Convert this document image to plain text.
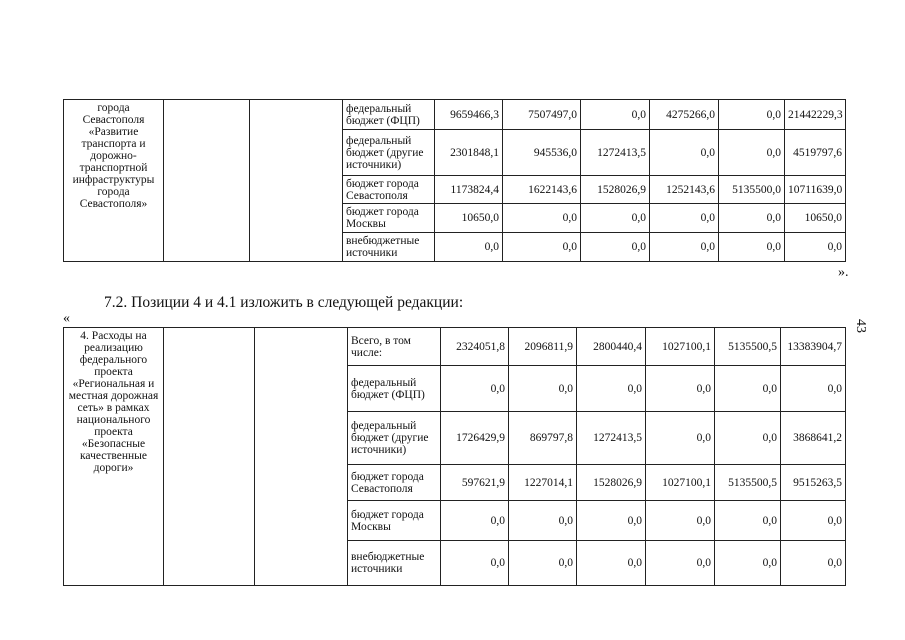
города Севастополя «Развитие транспорта и дорожно-транспортной инфраструктуры города Севастополя»			федеральный бюджет (ФЦП)	9659466,3	7507497,0	0,0	4275266,0	0,0	21442229,3
			федеральный бюджет (другие источники)	2301848,1	945536,0	1272413,5	0,0	0,0	4519797,6
			бюджет города Севастополя	1173824,4	1622143,6	1528026,9	1252143,6	5135500,0	10711639,0
			бюджет города Москвы	10650,0	0,0	0,0	0,0	0,0	10650,0
			внебюджетные источники	0,0	0,0	0,0	0,0	0,0	0,0
».
7.2. Позиции 4 и 4.1 изложить в следующей редакции:
«	43
4. Расходы на реализацию федерального проекта «Региональная и местная дорожная сеть» в рамках национального проекта «Безопасные качественные дороги»			Всего, в том числе:	2324051,8	2096811,9	2800440,4	1027100,1	5135500,5	13383904,7
			федеральный бюджет (ФЦП)	0,0	0,0	0,0	0,0	0,0	0,0
			федеральный бюджет (другие источники)	1726429,9	869797,8	1272413,5	0,0	0,0	3868641,2
			бюджет города Севастополя	597621,9	1227014,1	1528026,9	1027100,1	5135500,5	9515263,5
			бюджет города Москвы	0,0	0,0	0,0	0,0	0,0	0,0
			внебюджетные источники	0,0	0,0	0,0	0,0	0,0	0,0
